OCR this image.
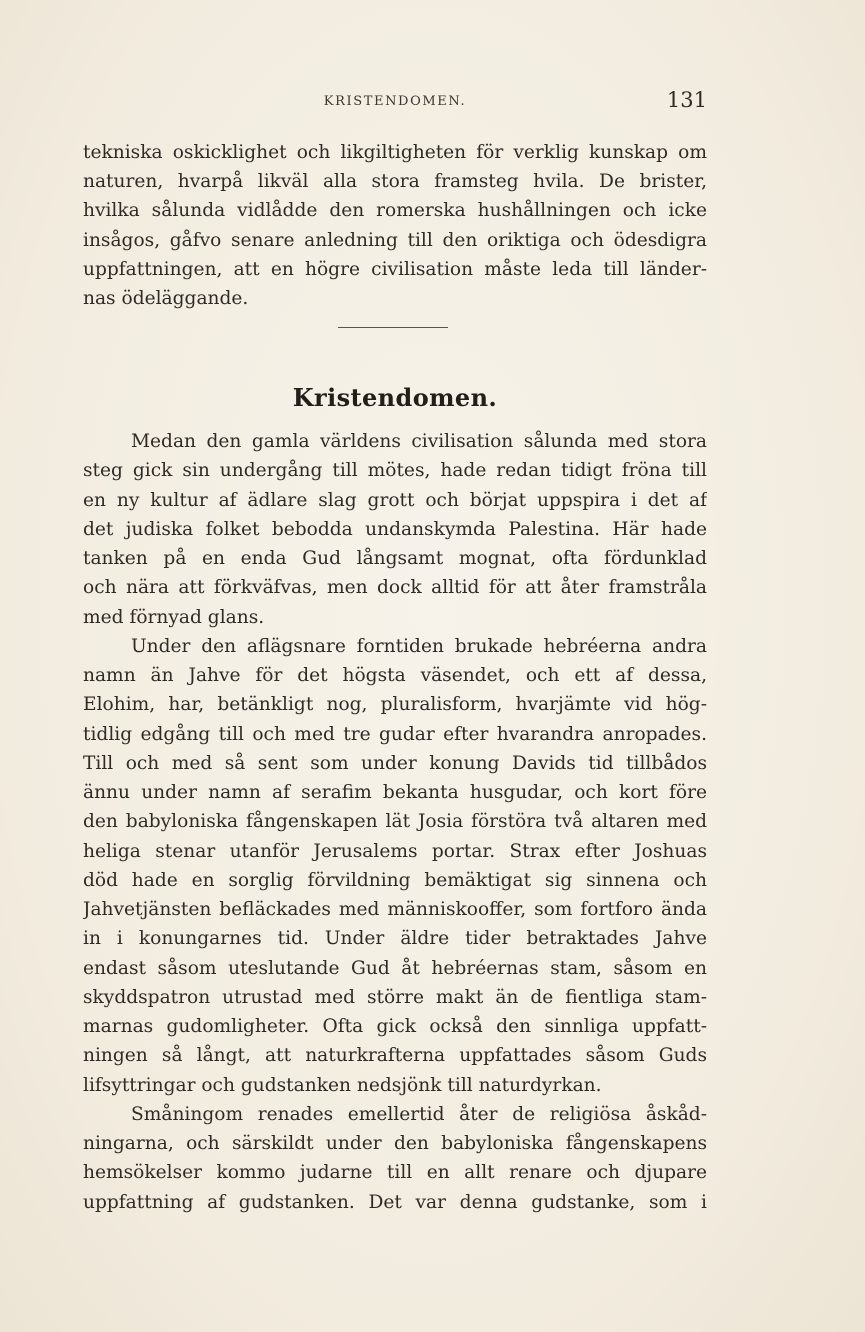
KRISTENDOMEN.	131
tekniska oskicklighet och likgiltigheten för verklig kunskap om
naturen, hvarpå likväl alla stora framsteg hvila. De brister,
hvilka sålunda vidlådde den romerska hushållningen och icke
insågos, gåfvo senare anledning till den oriktiga och ödesdigra
uppfattningen, att en högre civilisation måste leda till länder-
nas ödeläggande.
Kristendomen.
Medan den gamla världens civilisation sålunda med stora
steg gick sin undergång till mötes, hade redan tidigt fröna till
en ny kultur af ädlare slag grott och börjat uppspira i det af
det judiska folket bebodda undanskymda Palestina. Här hade
tanken på en enda Gud långsamt mognat, ofta fördunklad
och nära att förkväfvas, men dock alltid för att åter framstråla
med förnyad glans.
Under den aflägsnare forntiden brukade hebréerna andra
namn än Jahve för det högsta väsendet, och ett af dessa,
Elohim, har, betänkligt nog, pluralisform, hvarjämte vid hög-
tidlig edgång till och med tre gudar efter hvarandra anropades.
Till och med så sent som under konung Davids tid tillbådos
ännu under namn af serafim bekanta husgudar, och kort före
den babyloniska fångenskapen lät Josia förstöra två altaren med
heliga stenar utanför Jerusalems portar. Strax efter Joshuas
död hade en sorglig förvildning bemäktigat sig sinnena och
Jahvetjänsten befläckades med människooffer, som fortforo ända
in i konungarnes tid. Under äldre tider betraktades Jahve
endast såsom uteslutande Gud åt hebréernas stam, såsom en
skyddspatron utrustad med större makt än de fientliga stam-
marnas gudomligheter. Ofta gick också den sinnliga uppfatt-
ningen så långt, att naturkrafterna uppfattades såsom Guds
lifsyttringar och gudstanken nedsjönk till naturdyrkan.
Småningom renades emellertid åter de religiösa åskåd-
ningarna, och särskildt under den babyloniska fångenskapens
hemsökelser kommo judarne till en allt renare och djupare
uppfattning af gudstanken. Det var denna gudstanke, som i
